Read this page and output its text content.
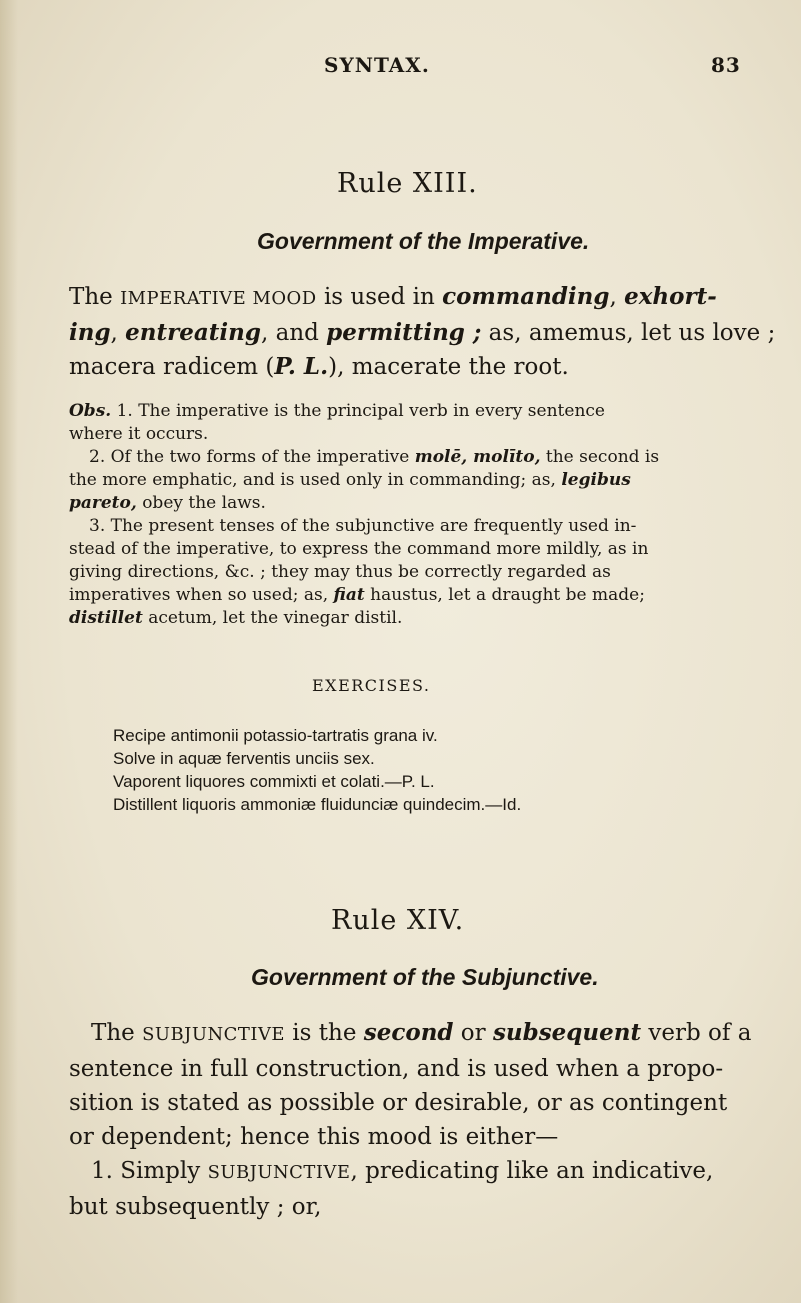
SYNTAX.	83
Rule XIII.
Government of the Imperative.
The IMPERATIVE MOOD is used in commanding, exhort-
ing, entreating, and permitting ; as, amemus, let us love ;
macera radicem (P. L.), macerate the root.
Obs. 1. The imperative is the principal verb in every sentence
where it occurs.
2. Of the two forms of the imperative molē, molīto, the second is
the more emphatic, and is used only in commanding; as, legibus
pareto, obey the laws.
3. The present tenses of the subjunctive are frequently used in-
stead of the imperative, to express the command more mildly, as in
giving directions, &c. ; they may thus be correctly regarded as
imperatives when so used; as, fiat haustus, let a draught be made;
distillet acetum, let the vinegar distil.
EXERCISES.
Recipe antimonii potassio-tartratis grana iv.
Solve in aquæ ferventis unciis sex.
Vaporent liquores commixti et colati.—P. L.
Distillent liquoris ammoniæ fluidunciæ quindecim.—Id.
Rule XIV.
Government of the Subjunctive.
The SUBJUNCTIVE is the second or subsequent verb of a
sentence in full construction, and is used when a propo-
sition is stated as possible or desirable, or as contingent
or dependent; hence this mood is either—
1. Simply SUBJUNCTIVE, predicating like an indicative,
but subsequently ; or,
